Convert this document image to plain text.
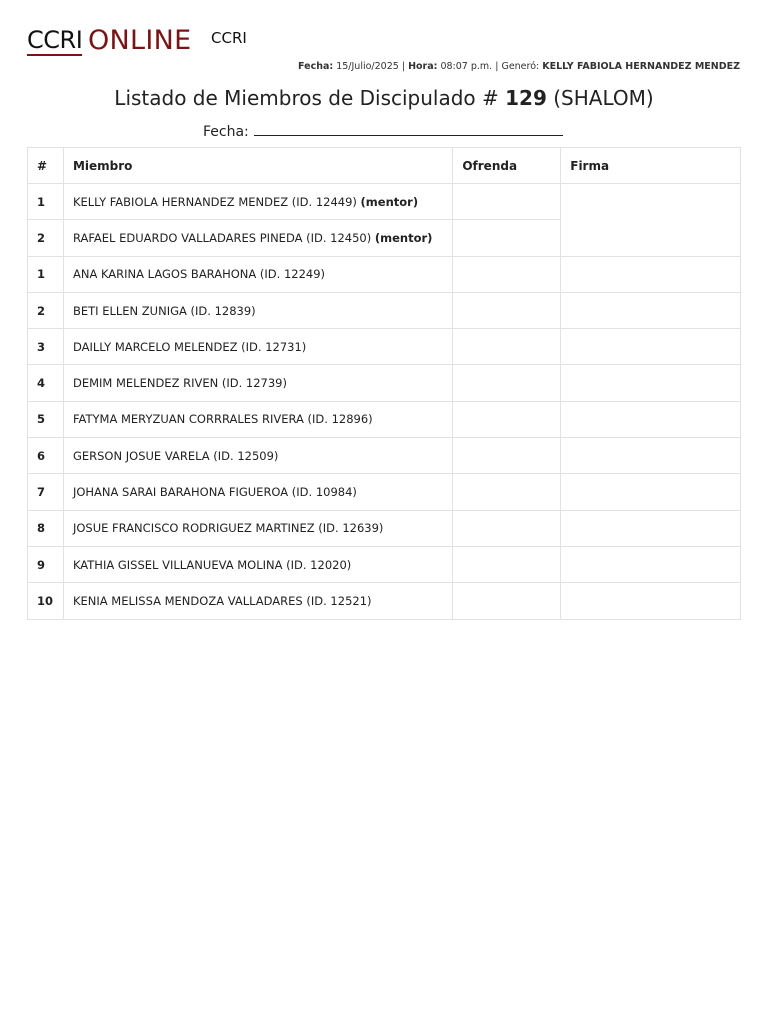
CCRI ONLINE CCRI
Fecha: 15/Julio/2025 | Hora: 08:07 p.m. | Generó: KELLY FABIOLA HERNANDEZ MENDEZ
Listado de Miembros de Discipulado # 129 (SHALOM)
Fecha:
#	Miembro	Ofrenda	Firma
1	KELLY FABIOLA HERNANDEZ MENDEZ (ID. 12449) (mentor)		
2	RAFAEL EDUARDO VALLADARES PINEDA (ID. 12450) (mentor)		
1	ANA KARINA LAGOS BARAHONA (ID. 12249)		
2	BETI ELLEN ZUNIGA (ID. 12839)		
3	DAILLY MARCELO MELENDEZ (ID. 12731)		
4	DEMIM MELENDEZ RIVEN (ID. 12739)		
5	FATYMA MERYZUAN CORRRALES RIVERA (ID. 12896)		
6	GERSON JOSUE VARELA (ID. 12509)		
7	JOHANA SARAI BARAHONA FIGUEROA (ID. 10984)		
8	JOSUE FRANCISCO RODRIGUEZ MARTINEZ (ID. 12639)		
9	KATHIA GISSEL VILLANUEVA MOLINA (ID. 12020)		
10	KENIA MELISSA MENDOZA VALLADARES (ID. 12521)		
